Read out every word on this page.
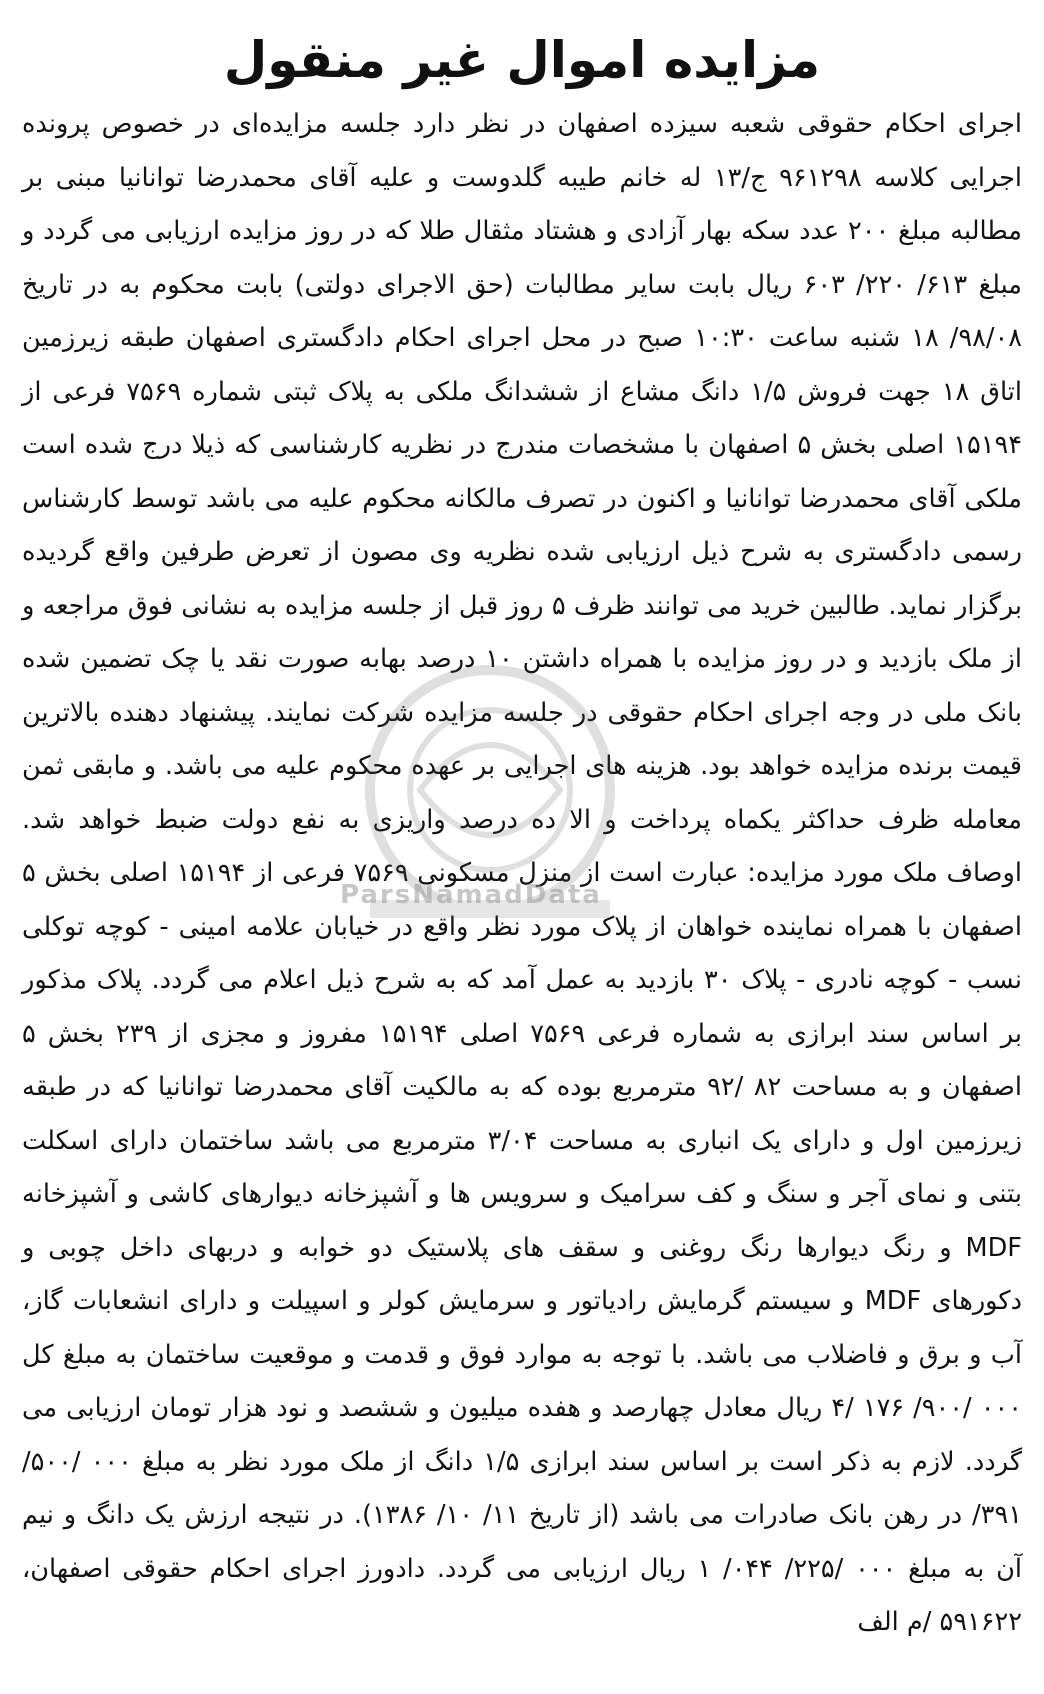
مزایده اموال غیر منقول

اجرای احکام حقوقی شعبه سیزده اصفهان در نظر دارد جلسه مزایده‌ای در خصوص پرونده اجرایی کلاسه ۹۶۱۲۹۸ ج/۱۳ له خانم طیبه گلدوست و علیه آقای محمدرضا توانانیا مبنی بر مطالبه مبلغ ۲۰۰ عدد سکه بهار آزادی و هشتاد مثقال طلا که در روز مزایده ارزیابی می گردد و مبلغ ۶۱۳/ ۲۲۰/ ۶۰۳ ریال بابت سایر مطالبات (حق الاجرای دولتی) بابت محکوم به در تاریخ ۹۸/۰۸/ ۱۸ شنبه ساعت ۱۰:۳۰ صبح در محل اجرای احکام دادگستری اصفهان طبقه زیرزمین اتاق ۱۸ جهت فروش ۱/۵ دانگ مشاع از ششدانگ ملکی به پلاک ثبتی شماره ۷۵۶۹ فرعی از ۱۵۱۹۴ اصلی بخش ۵ اصفهان با مشخصات مندرج در نظریه کارشناسی که ذیلا درج شده است ملکی آقای محمدرضا توانانیا و اکنون در تصرف مالکانه محکوم علیه می باشد توسط کارشناس رسمی دادگستری به شرح ذیل ارزیابی شده نظریه وی مصون از تعرض طرفین واقع گردیده برگزار نماید. طالبین خرید می توانند ظرف ۵ روز قبل از جلسه مزایده به نشانی فوق مراجعه و از ملک بازدید و در روز مزایده با همراه داشتن ۱۰ درصد بهابه صورت نقد یا چک تضمین شده بانک ملی در وجه اجرای احکام حقوقی در جلسه مزایده شرکت نمایند. پیشنهاد دهنده بالاترین قیمت برنده مزایده خواهد بود. هزینه های اجرایی بر عهده محکوم علیه می باشد. و مابقی ثمن معامله ظرف حداکثر یکماه پرداخت و الا ده درصد واریزی به نفع دولت ضبط خواهد شد. اوصاف ملک مورد مزایده: عبارت است از منزل مسکونی ۷۵۶۹ فرعی از ۱۵۱۹۴ اصلی بخش ۵ اصفهان با همراه نماینده خواهان از پلاک مورد نظر واقع در خیابان علامه امینی - کوچه توکلی نسب - کوچه نادری - پلاک ۳۰ بازدید به عمل آمد که به شرح ذیل اعلام می گردد. پلاک مذکور بر اساس سند ابرازی به شماره فرعی ۷۵۶۹ اصلی ۱۵۱۹۴ مفروز و مجزی از ۲۳۹ بخش ۵ اصفهان و به مساحت ۸۲ /۹۲ مترمربع بوده که به مالکیت آقای محمدرضا توانانیا که در طبقه زیرزمین اول و دارای یک انباری به مساحت ۳/۰۴ مترمربع می باشد ساختمان دارای اسکلت بتنی و نمای آجر و سنگ و کف سرامیک و سرویس ها و آشپزخانه دیوارهای کاشی و آشپزخانه MDF و رنگ دیوارها رنگ روغنی و سقف های پلاستیک دو خوابه و دربهای داخل چوبی و دکورهای MDF و سیستم گرمایش رادیاتور و سرمایش کولر و اسپیلت و دارای انشعابات گاز، آب و برق و فاضلاب می باشد. با توجه به موارد فوق و قدمت و موقعیت ساختمان به مبلغ کل ۰۰۰ /۹۰۰/ ۱۷۶ /۴ ریال معادل چهارصد و هفده میلیون و ششصد و نود هزار تومان ارزیابی می گردد. لازم به ذکر است بر اساس سند ابرازی ۱/۵ دانگ از ملک مورد نظر به مبلغ ۰۰۰ /۵۰۰/ ۳۹۱/ در رهن بانک صادرات می باشد (از تاریخ ۱۱/ ۱۰/ ۱۳۸۶). در نتیجه ارزش یک دانگ و نیم آن به مبلغ ۰۰۰ /۲۲۵/ ۰۴۴/ ۱ ریال ارزیابی می گردد. دادورز اجرای احکام حقوقی اصفهان، ۵۹۱۶۲۲ /م الف

ParsNamadData
